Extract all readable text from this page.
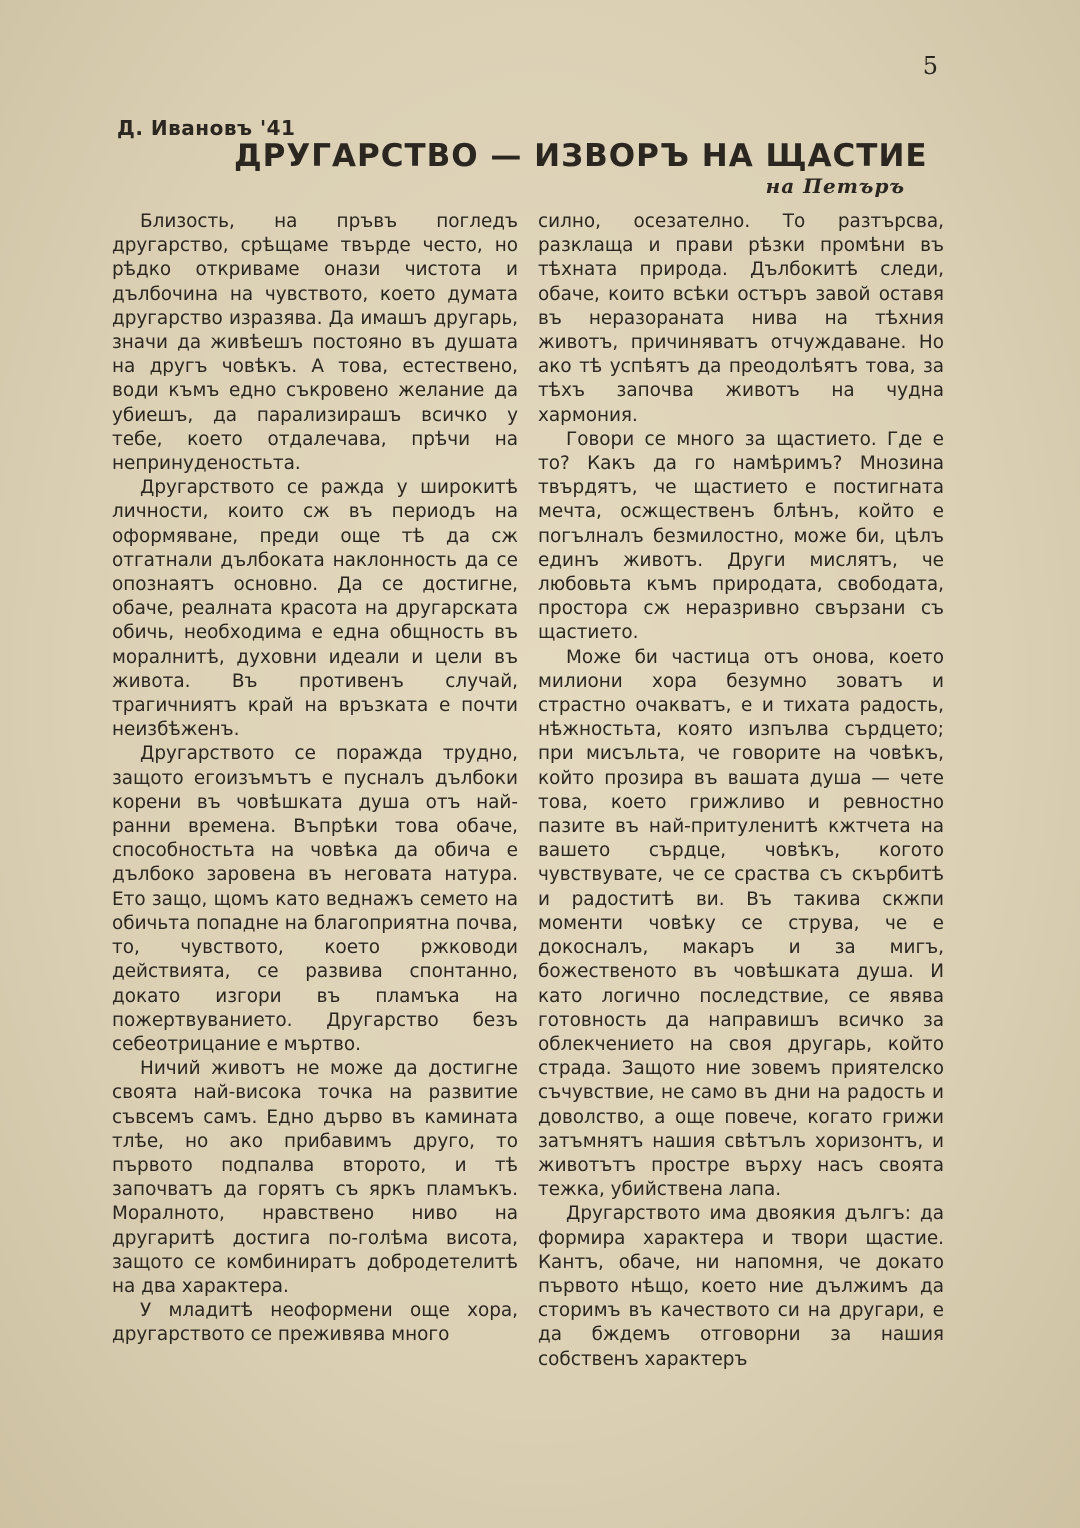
5
Д. Ивановъ '41
ДРУГАРСТВО — ИЗВОРЪ НА ЩАСТИЕ
на Петъръ

Близость, на пръвъ погледъ другарство, срѣщаме твърде често, но рѣдко откриваме онази чистота и дълбочина на чувството, което думата другарство изразява. Да имашъ другарь, значи да живѣешъ постояно въ душата на другъ човѣкъ. А това, естествено, води къмъ едно съкровено желание да убиешъ, да парализирашъ всичко у тебе, което отдалечава, прѣчи на непринуденостьта.

Другарството се ражда у широкитѣ личности, които сж въ периодъ на оформяване, преди още тѣ да сж отгатнали дълбоката наклонность да се опознаятъ основно. Да се достигне, обаче, реалната красота на другарската обичь, необходима е една общность въ моралнитѣ, духовни идеали и цели въ живота. Въ противенъ случай, трагичниятъ край на връзката е почти неизбѣженъ.

Другарството се поражда трудно, защото егоизъмътъ е пусналъ дълбоки корени въ човѣшката душа отъ най-ранни времена. Въпрѣки това обаче, способностьта на човѣка да обича е дълбоко заровена въ неговата натура. Ето защо, щомъ като веднажъ семето на обичьта попадне на благоприятна почва, то, чувството, което ржководи действията, се развива спонтанно, докато изгори въ пламъка на пожертвуванието. Другарство безъ себеотрицание е мъртво.

Ничий животъ не може да достигне своята най-висока точка на развитие съвсемъ самъ. Едно дърво въ камината тлѣе, но ако прибавимъ друго, то първото подпалва второто, и тѣ започватъ да горятъ съ яркъ пламъкъ. Моралното, нравствено ниво на другаритѣ достига по-голѣма висота, защото се комбиниратъ добродетелитѣ на два характера.

У младитѣ неоформени още хора, другарството се преживява много

силно, осезателно. То разтърсва, разклаща и прави рѣзки промѣни въ тѣхната природа. Дълбокитѣ следи, обаче, които всѣки остъръ завой оставя въ неразораната нива на тѣхния животъ, причиняватъ отчуждаване. Но ако тѣ успѣятъ да преодолѣятъ това, за тѣхъ започва животъ на чудна хармония.

Говори се много за щастието. Где е то? Какъ да го намѣримъ? Мнозина твърдятъ, че щастието е постигната мечта, осжщественъ блѣнъ, който е погълналъ безмилостно, може би, цѣлъ единъ животъ. Други мислятъ, че любовьта къмъ природата, свободата, простора сж неразривно свързани съ щастието.

Може би частица отъ онова, което милиони хора безумно зоватъ и страстно очакватъ, е и тихата радость, нѣжностьта, която изпълва сърдцето; при мисъльта, че говорите на човѣкъ, който прозира въ вашата душа — чете това, което грижливо и ревностно пазите въ най-притуленитѣ кжтчета на вашето сърдце, човѣкъ, когото чувствувате, че се сраства съ скърбитѣ и радоститѣ ви. Въ такива скжпи моменти човѣку се струва, че е докосналъ, макаръ и за мигъ, божественото въ човѣшката душа. И като логично последствие, се явява готовность да направишъ всичко за облекчението на своя другарь, който страда. Защото ние зовемъ приятелско съчувствие, не само въ дни на радость и доволство, а още повече, когато грижи затъмнятъ нашия свѣтълъ хоризонтъ, и животътъ простре върху насъ своята тежка, убийствена лапа.

Другарството има двоякия дългъ: да формира характера и твори щастие. Кантъ, обаче, ни напомня, че докато първото нѣщо, което ние дължимъ да сторимъ въ качеството си на другари, е да бждемъ отговорни за нашия собственъ характеръ
